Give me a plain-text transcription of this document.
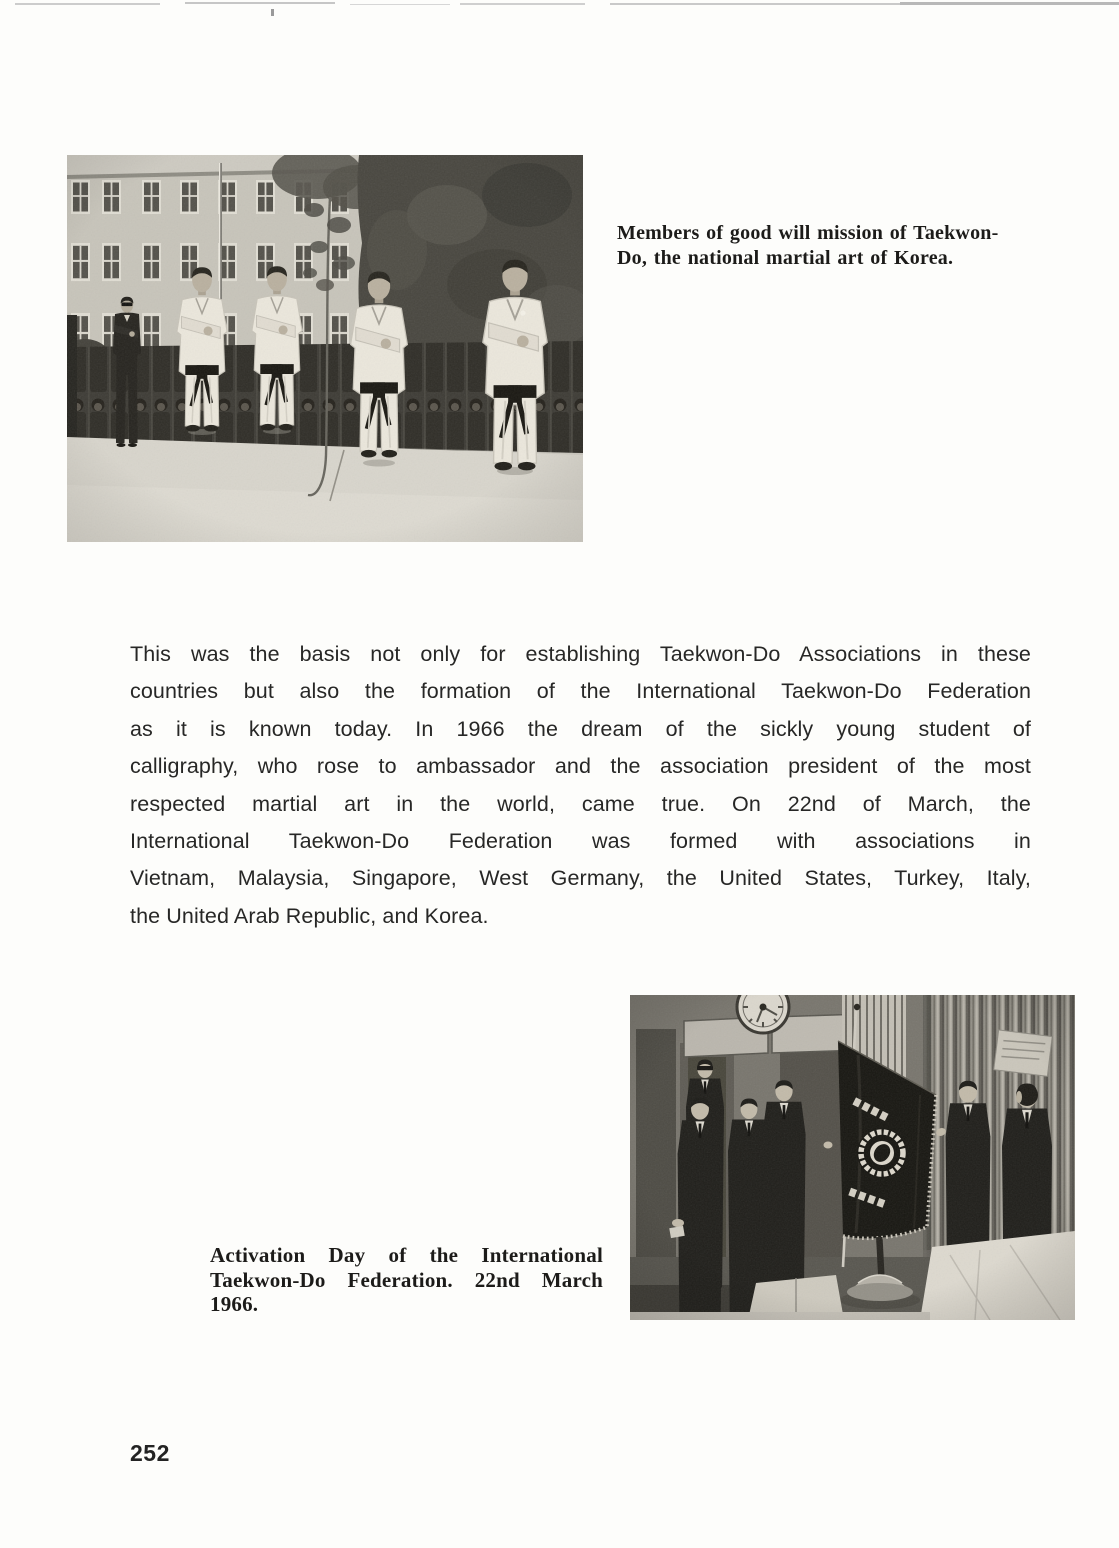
Members of good will mission of Taekwon-
Do, the national martial art of Korea.
This was the basis not only for establishing Taekwon-Do Associations in these
countries but also the formation of the International Taekwon-Do Federation
as it is known today. In 1966 the dream of the sickly young student of
calligraphy, who rose to ambassador and the association president of the most
respected martial art in the world, came true. On 22nd of March, the
International Taekwon-Do Federation was formed with associations in
Vietnam, Malaysia, Singapore, West Germany, the United States, Turkey, Italy,
the United Arab Republic, and Korea.
Activation Day of the International
Taekwon-Do Federation. 22nd March
1966.
252
